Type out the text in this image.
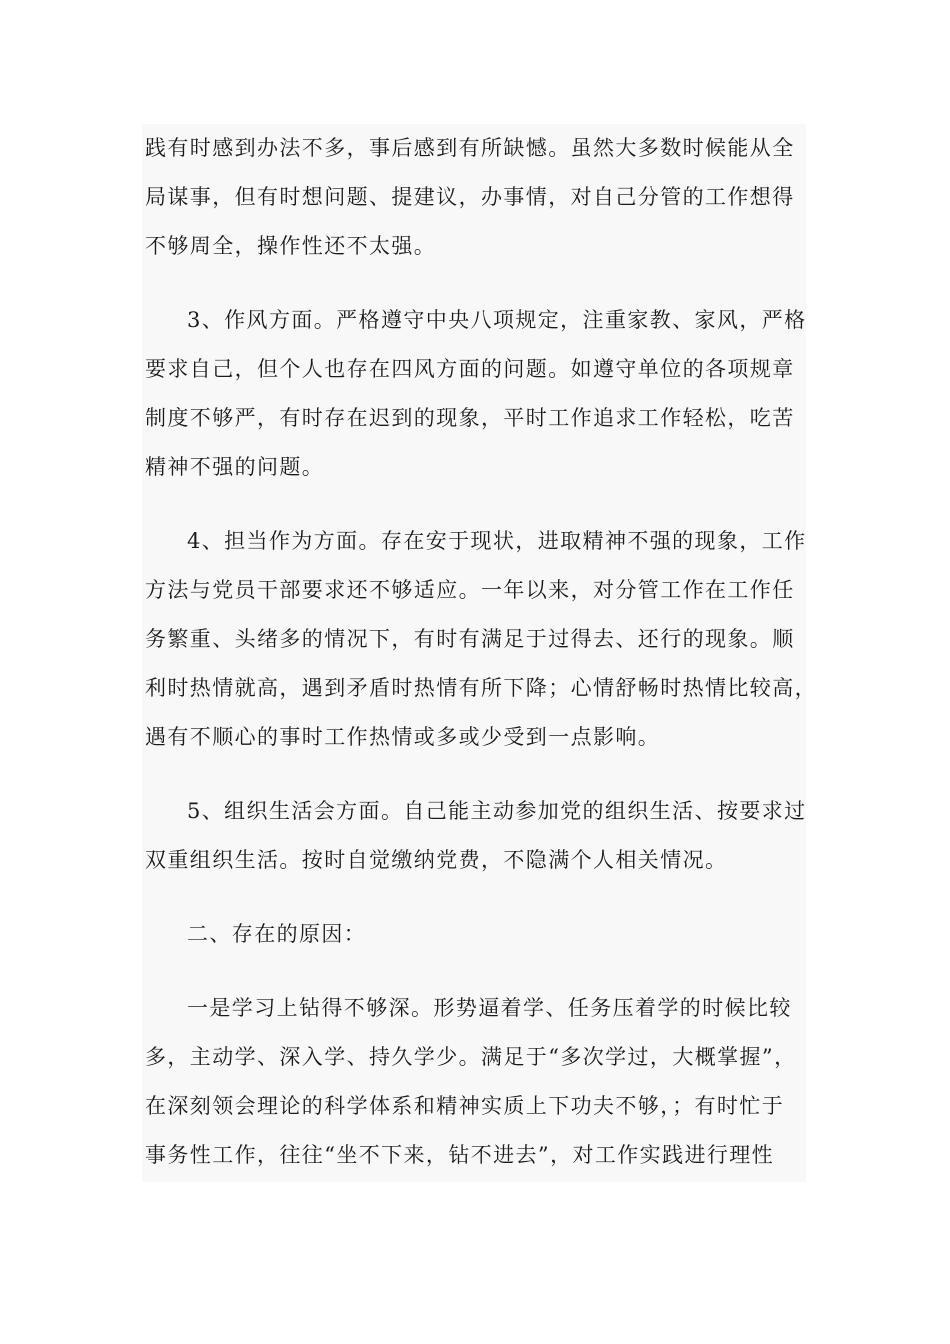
践有时感到办法不多，事后感到有所缺憾。虽然大多数时候能从全
局谋事，但有时想问题、提建议，办事情，对自己分管的工作想得
不够周全，操作性还不太强。

3、作风方面。严格遵守中央八项规定，注重家教、家风，严格
要求自己，但个人也存在四风方面的问题。如遵守单位的各项规章
制度不够严，有时存在迟到的现象，平时工作追求工作轻松，吃苦
精神不强的问题。

4、担当作为方面。存在安于现状，进取精神不强的现象，工作
方法与党员干部要求还不够适应。一年以来，对分管工作在工作任
务繁重、头绪多的情况下，有时有满足于过得去、还行的现象。顺
利时热情就高，遇到矛盾时热情有所下降；心情舒畅时热情比较高，
遇有不顺心的事时工作热情或多或少受到一点影响。

5、组织生活会方面。自己能主动参加党的组织生活、按要求过
双重组织生活。按时自觉缴纳党费，不隐满个人相关情况。

二、存在的原因：

一是学习上钻得不够深。形势逼着学、任务压着学的时候比较
多，主动学、深入学、持久学少。满足于“多次学过，大概掌握”，
在深刻领会理论的科学体系和精神实质上下功夫不够，；有时忙于
事务性工作，往往“坐不下来，钻不进去”，对工作实践进行理性
